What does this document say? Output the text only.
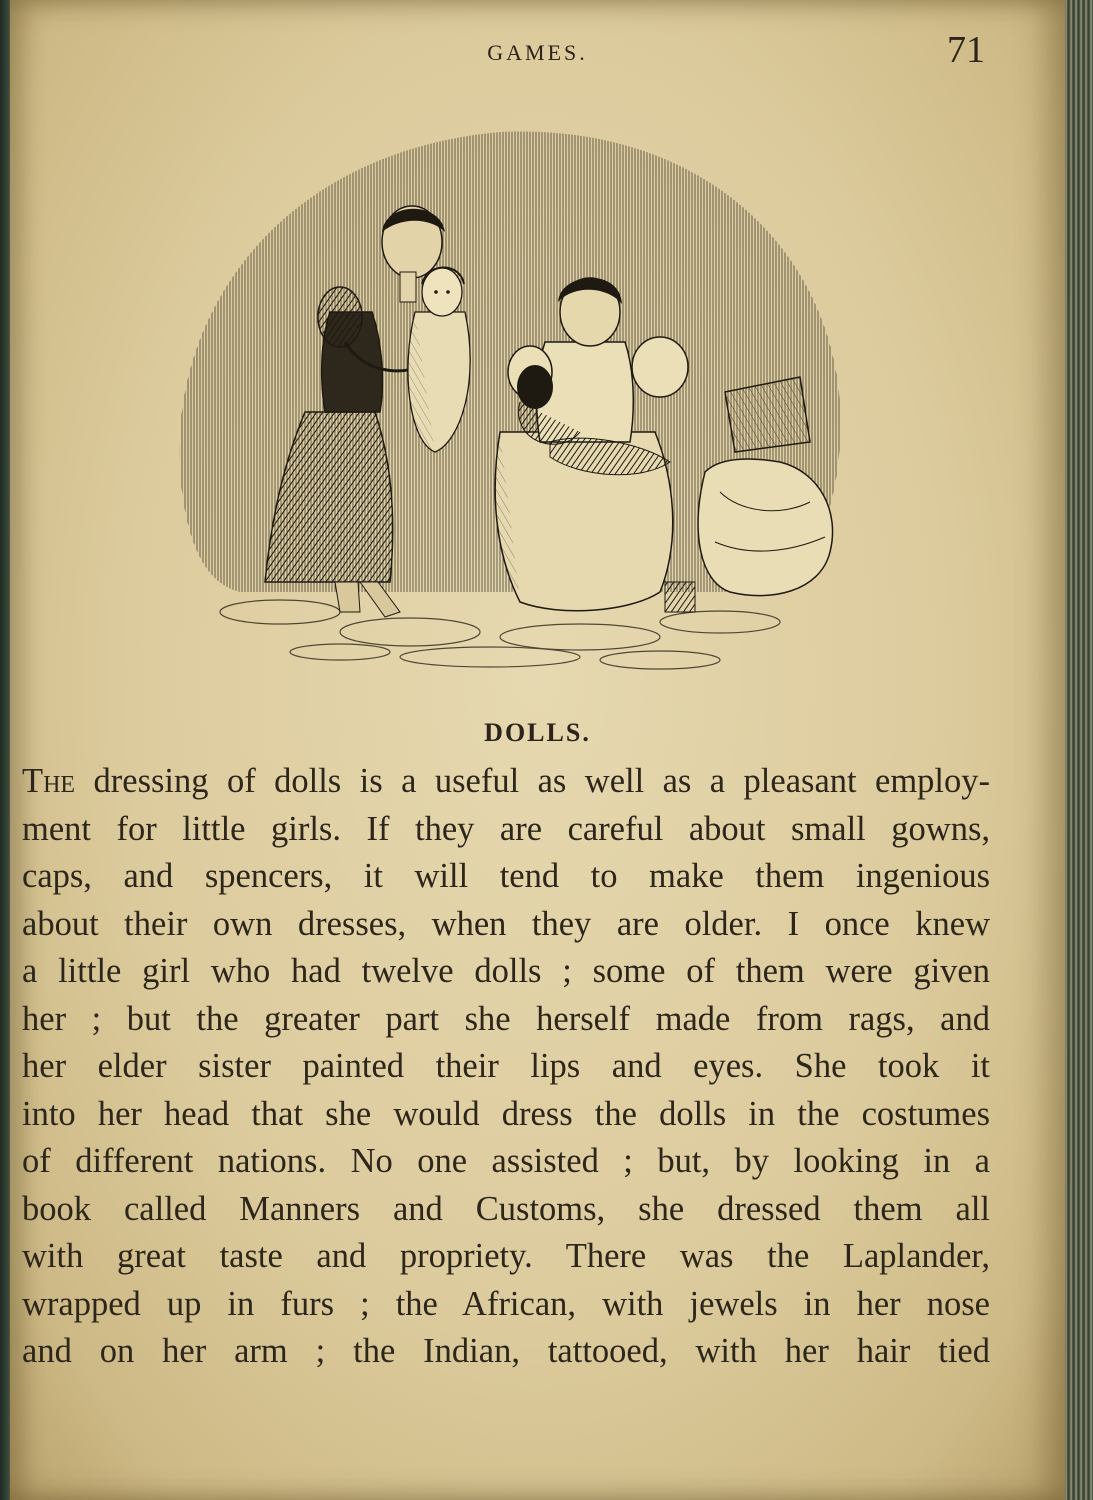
GAMES.	71
DOLLS.
The dressing of dolls is a useful as well as a pleasant employ-
ment for little girls. If they are careful about small gowns,
caps, and spencers, it will tend to make them ingenious
about their own dresses, when they are older. I once knew
a little girl who had twelve dolls ; some of them were given
her ; but the greater part she herself made from rags, and
her elder sister painted their lips and eyes. She took it
into her head that she would dress the dolls in the costumes
of different nations. No one assisted ; but, by looking in a
book called Manners and Customs, she dressed them all
with great taste and propriety. There was the Laplander,
wrapped up in furs ; the African, with jewels in her nose
and on her arm ; the Indian, tattooed, with her hair tied
